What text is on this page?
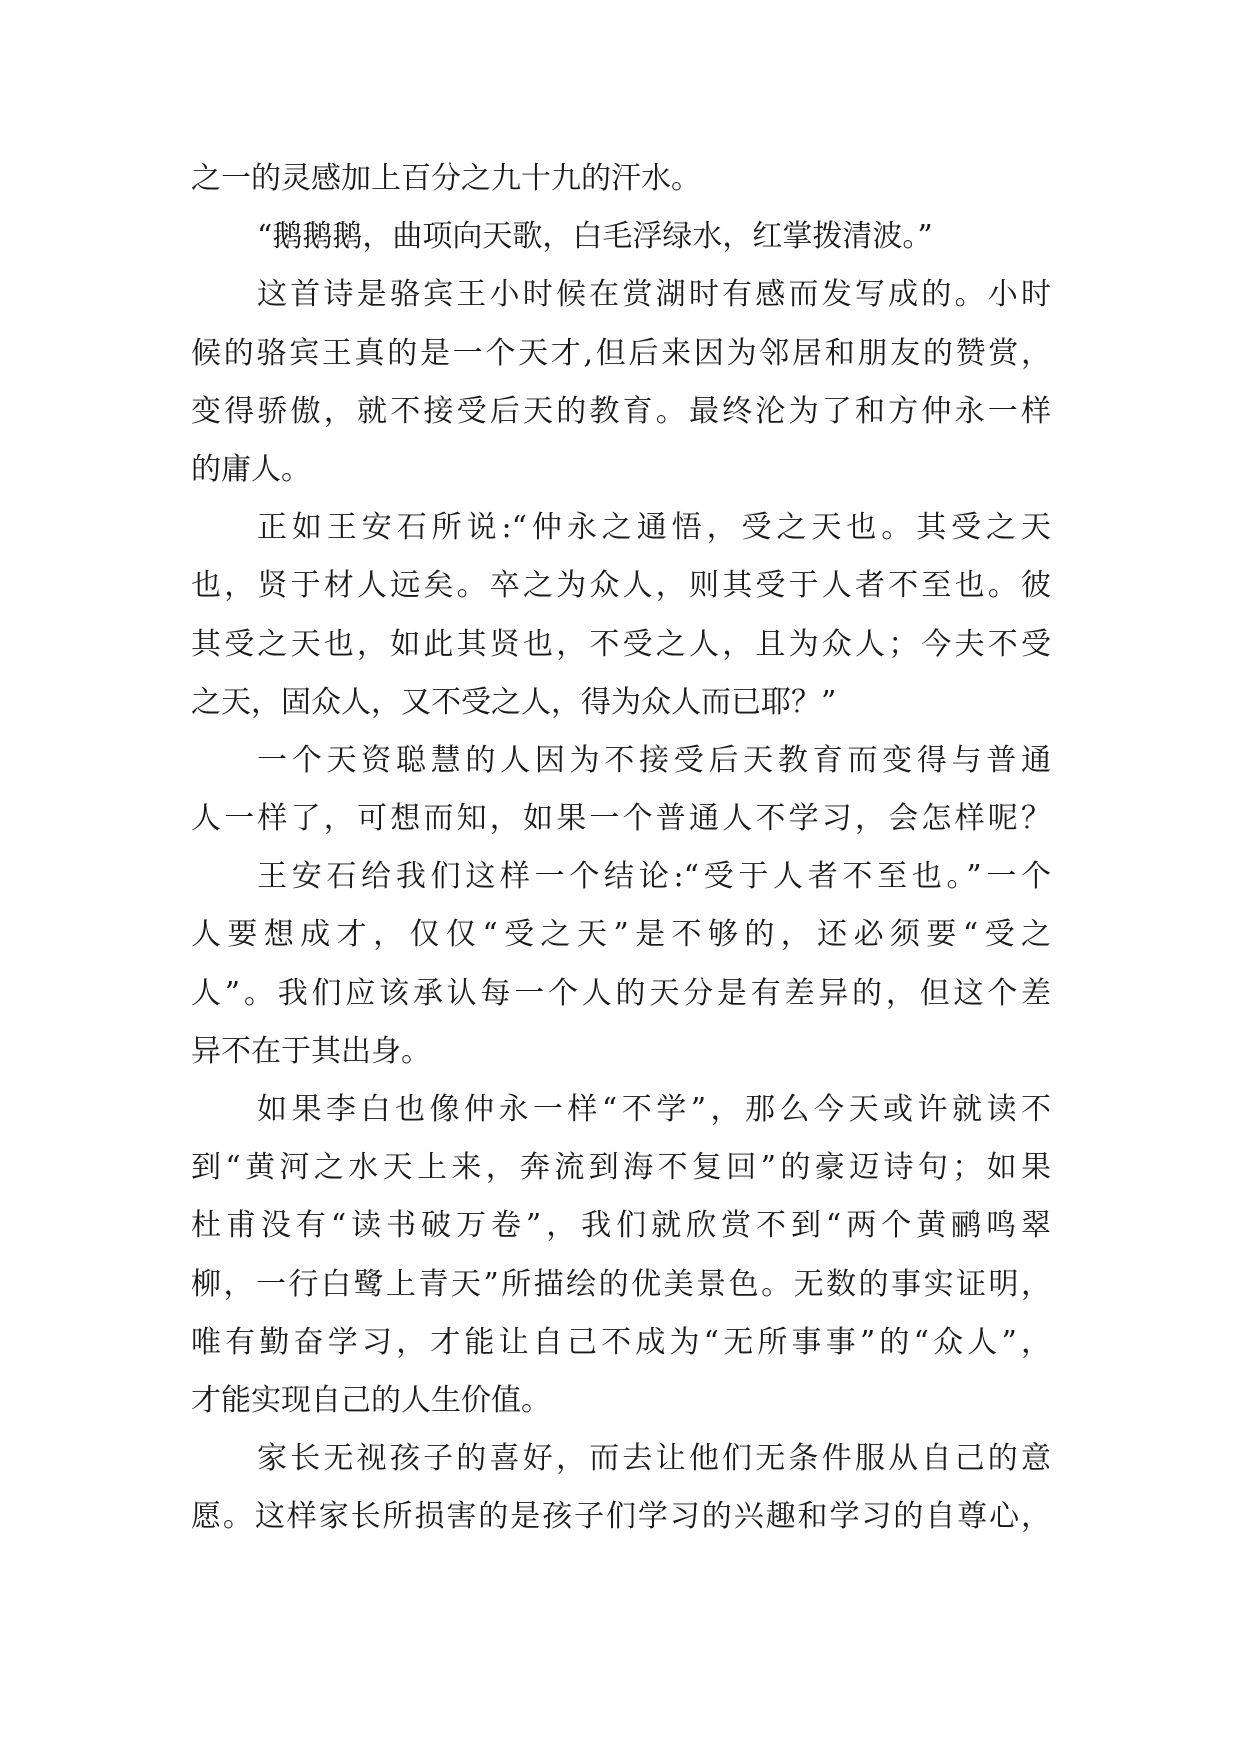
之一的灵感加上百分之九十九的汗水。
“鹅鹅鹅，曲项向天歌，白毛浮绿水，红掌拨清波。”
这首诗是骆宾王小时候在赏湖时有感而发写成的。小时
候的骆宾王真的是一个天才,但后来因为邻居和朋友的赞赏，
变得骄傲，就不接受后天的教育。最终沦为了和方仲永一样
的庸人。
正如王安石所说:“仲永之通悟，受之天也。其受之天
也，贤于材人远矣。卒之为众人，则其受于人者不至也。彼
其受之天也，如此其贤也，不受之人，且为众人；今夫不受
之天，固众人，又不受之人，得为众人而已耶？”
一个天资聪慧的人因为不接受后天教育而变得与普通
人一样了，可想而知，如果一个普通人不学习，会怎样呢？
王安石给我们这样一个结论:“受于人者不至也。”一个
人要想成才，仅仅“受之天”是不够的，还必须要“受之
人”。我们应该承认每一个人的天分是有差异的，但这个差
异不在于其出身。
如果李白也像仲永一样“不学”，那么今天或许就读不
到“黄河之水天上来，奔流到海不复回”的豪迈诗句；如果
杜甫没有“读书破万卷”，我们就欣赏不到“两个黄鹂鸣翠
柳，一行白鹭上青天”所描绘的优美景色。无数的事实证明，
唯有勤奋学习，才能让自己不成为“无所事事”的“众人”，
才能实现自己的人生价值。
家长无视孩子的喜好，而去让他们无条件服从自己的意
愿。这样家长所损害的是孩子们学习的兴趣和学习的自尊心，
